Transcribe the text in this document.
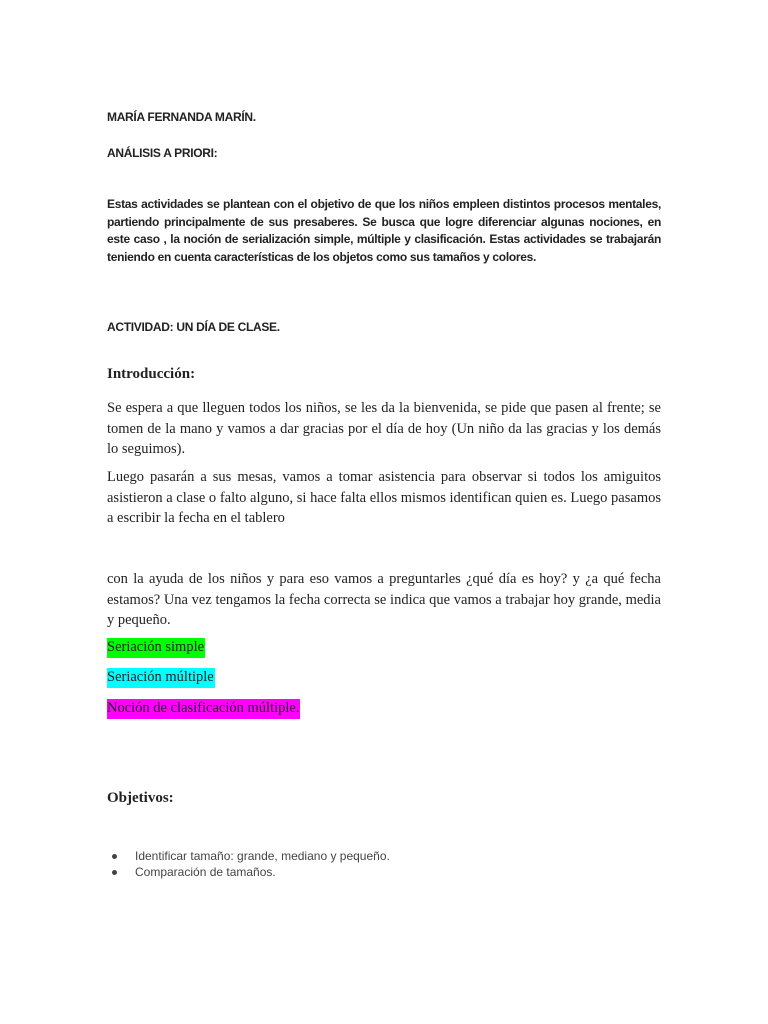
MARÍA FERNANDA MARÍN.
ANÁLISIS A PRIORI:
Estas actividades se plantean con el objetivo de que los niños empleen distintos procesos mentales, partiendo principalmente de sus presaberes. Se busca que logre diferenciar algunas nociones, en este caso , la noción de serialización simple, múltiple y clasificación. Estas actividades se trabajarán teniendo en cuenta características de los objetos como sus tamaños y colores.
ACTIVIDAD: UN DÍA DE CLASE.
Introducción:

Se espera a que lleguen todos los niños, se les da la bienvenida, se pide que pasen al frente; se tomen de la mano y vamos a dar gracias por el día de hoy (Un niño da las gracias y los demás lo seguimos).

Luego pasarán a sus mesas, vamos a tomar asistencia para observar si todos los amiguitos asistieron a clase o falto alguno, si hace falta ellos mismos identifican quien es. Luego pasamos a escribir la fecha en el tablero

con la ayuda de los niños y para eso vamos a preguntarles ¿qué día es hoy? y ¿a qué fecha estamos? Una vez tengamos la fecha correcta se indica que vamos a trabajar hoy grande, media y pequeño.

Seriación simple
Seriación múltiple
Noción de clasificación múltiple.
Objetivos:
Identificar tamaño: grande, mediano y pequeño.
Comparación de tamaños.
